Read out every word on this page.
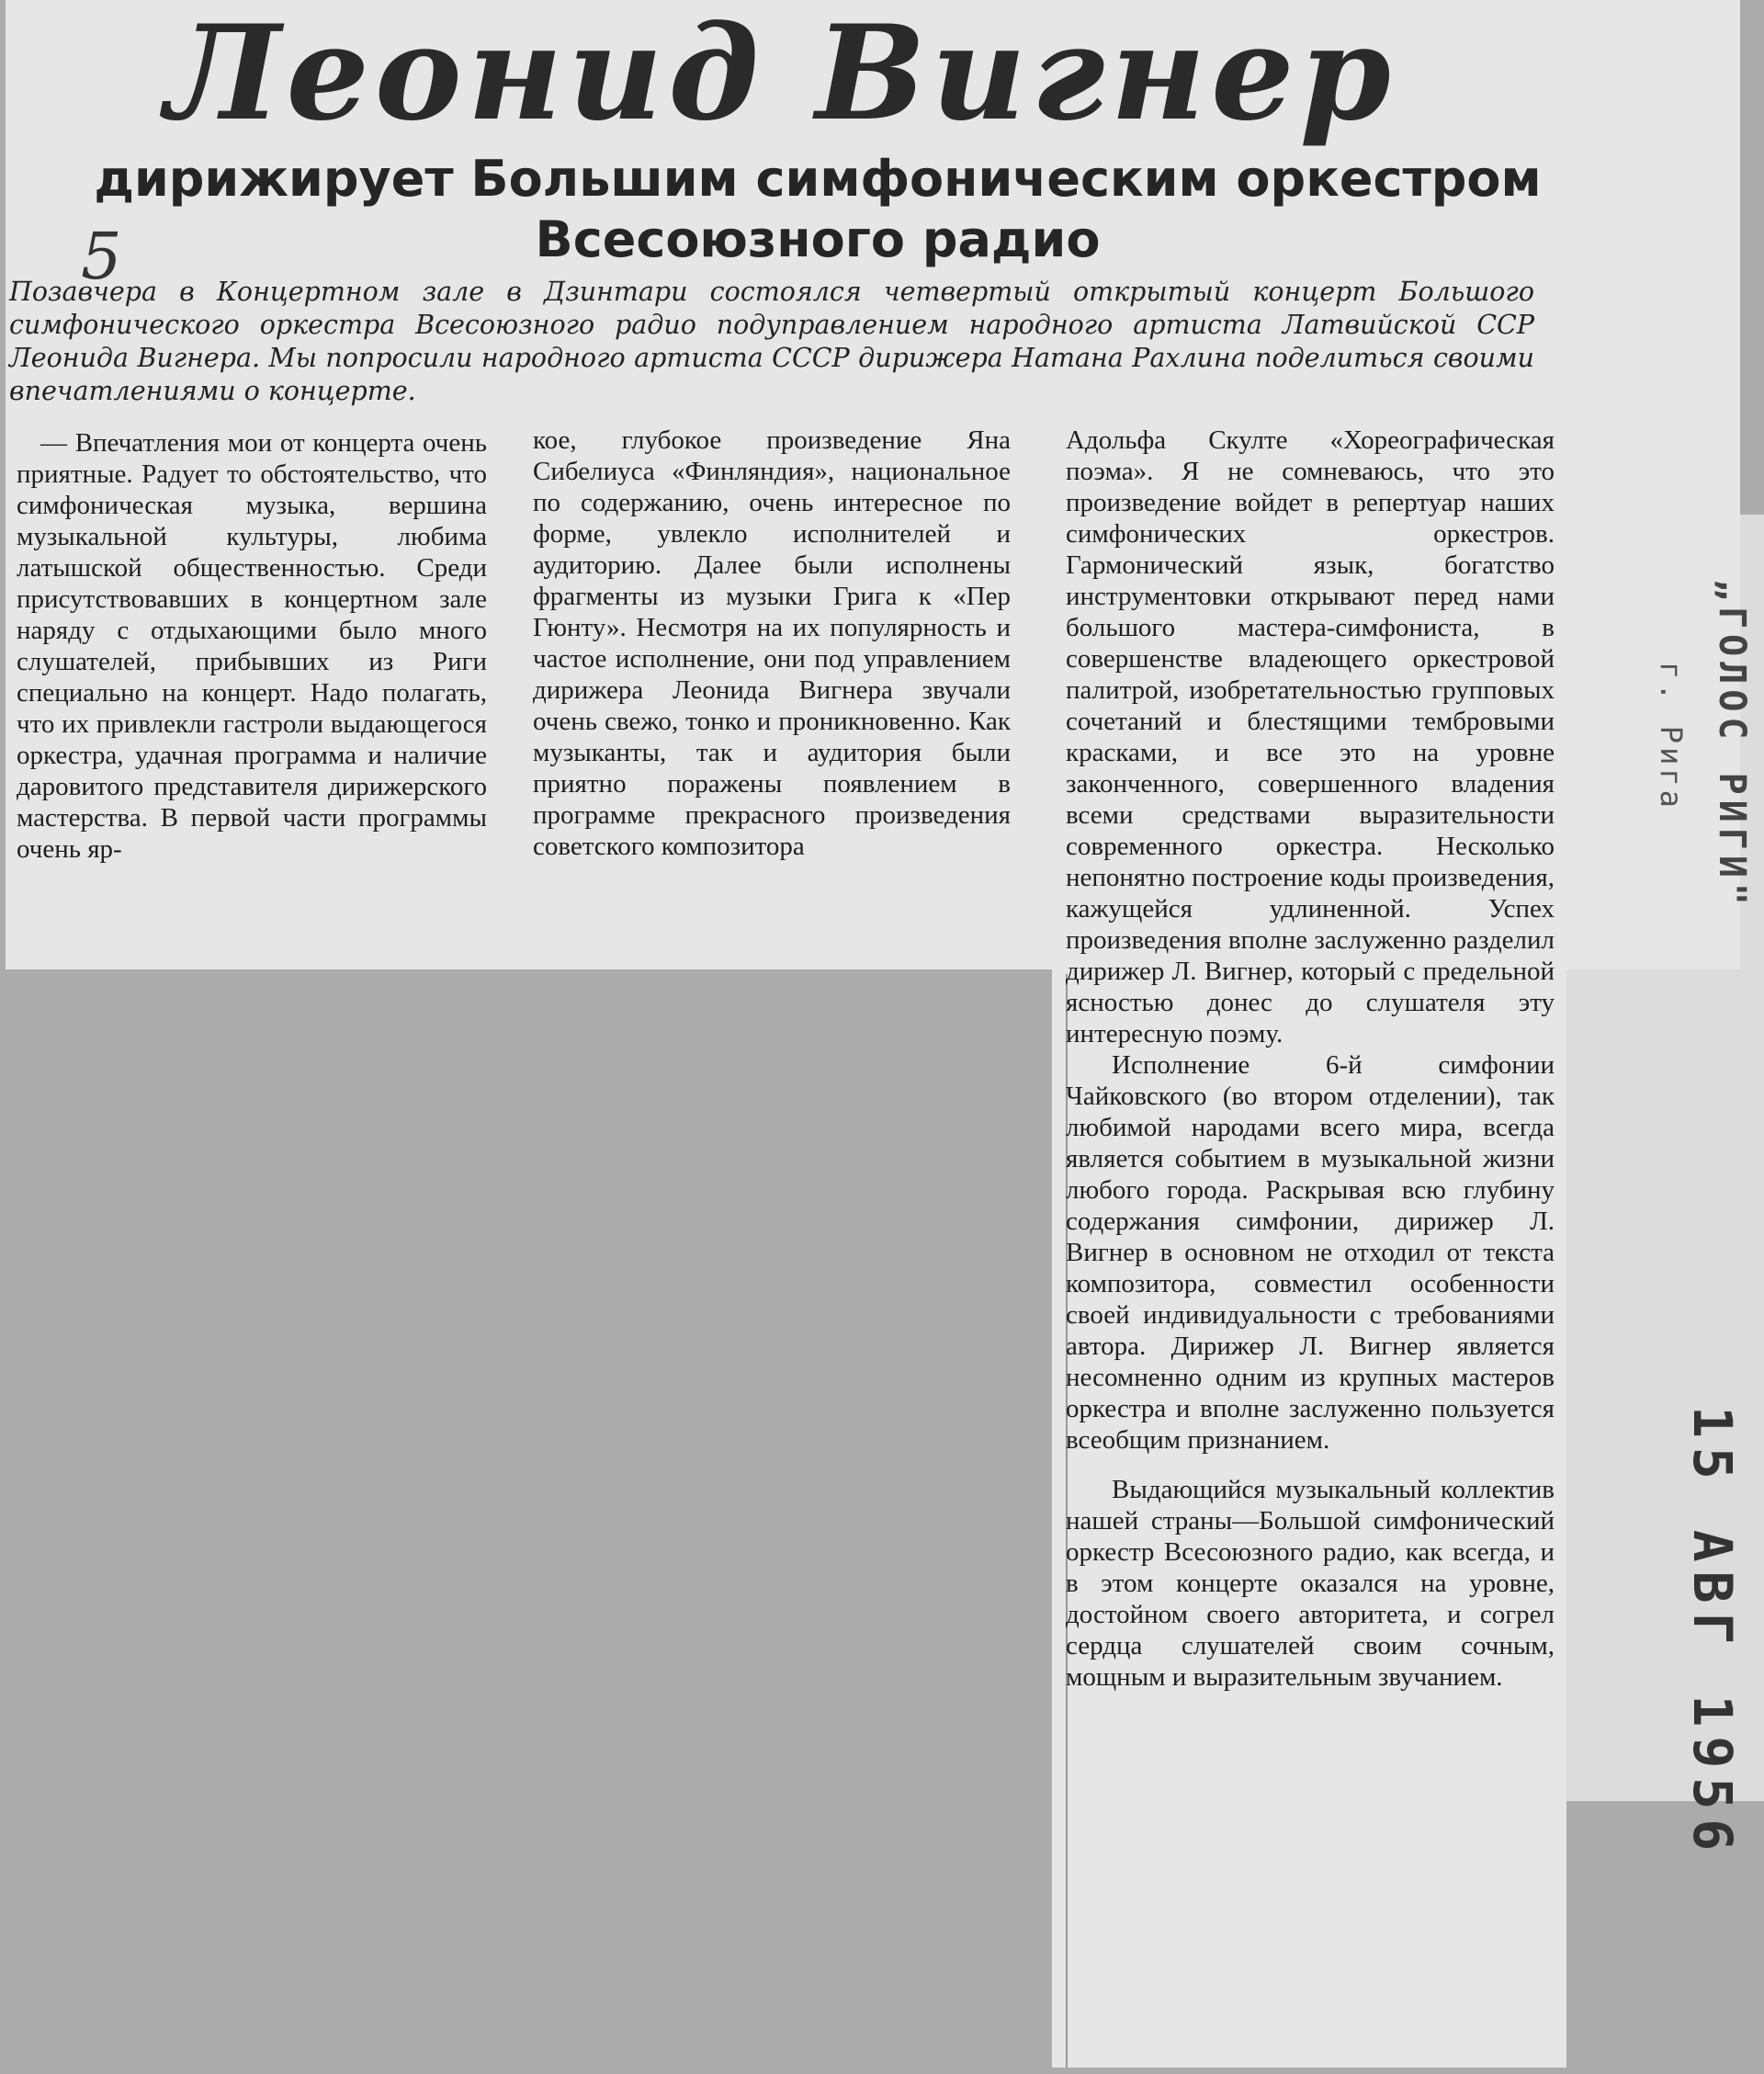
Леонид Вигнер
дирижирует Большим симфоническим оркестром
Всесоюзного радио
5
Позавчера в Концертном зале в Дзинтари состоялся четвертый открытый концерт Большого симфонического оркестра Всесоюзного радио подуправлением народного артиста Латвийской ССР Леонида Вигнера. Мы попросили народного артиста СССР дирижера Натана Рахлина поделиться своими впечатлениями о концерте.

— Впечатления мои от концерта очень приятные. Радует то обстоятельство, что симфоническая музыка, вершина музыкальной культуры, любима латышской общественностью. Среди присутствовавших в концертном зале наряду с отдыхающими было много слушателей, прибывших из Риги специально на концерт. Надо полагать, что их привлекли гастроли выдающегося оркестра, удачная программа и наличие даровитого представителя дирижерского мастерства. В первой части программы очень яр-

кое, глубокое произведение Яна Сибелиуса «Финляндия», национальное по содержанию, очень интересное по форме, увлекло исполнителей и аудиторию. Далее были исполнены фрагменты из музыки Грига к «Пер Гюнту». Несмотря на их популярность и частое исполнение, они под управлением дирижера Леонида Вигнера звучали очень свежо, тонко и проникновенно. Как музыканты, так и аудитория были приятно поражены появлением в программе прекрасного произведения советского композитора

Адольфа Скулте «Хореографическая поэма». Я не сомневаюсь, что это произведение войдет в репертуар наших симфонических оркестров. Гармонический язык, богатство инструментовки открывают перед нами большого мастера-симфониста, в совершенстве владеющего оркестровой палитрой, изобретательностью групповых сочетаний и блестящими тембровыми красками, и все это на уровне законченного, совершенного владения всеми средствами выразительности современного оркестра. Несколько непонятно построение коды произведения, кажущейся удлиненной. Успех произведения вполне заслуженно разделил дирижер Л. Вигнер, который с предельной ясностью донес до слушателя эту интересную поэму.

Исполнение 6-й симфонии Чайковского (во втором отделении), так любимой народами всего мира, всегда является событием в музыкальной жизни любого города. Раскрывая всю глубину содержания симфонии, дирижер Л. Вигнер в основном не отходил от текста композитора, совместил особенности своей индивидуальности с требованиями автора. Дирижер Л. Вигнер является несомненно одним из крупных мастеров оркестра и вполне заслуженно пользуется всеобщим признанием.

Выдающийся музыкальный коллектив нашей страны—Большой симфонический оркестр Всесоюзного радио, как всегда, и в этом концерте оказался на уровне, достойном своего авторитета, и согрел сердца слушателей своим сочным, мощным и выразительным звучанием.

„ГОЛОС РИГИ"
г. Рига
15 АВГ 1956
